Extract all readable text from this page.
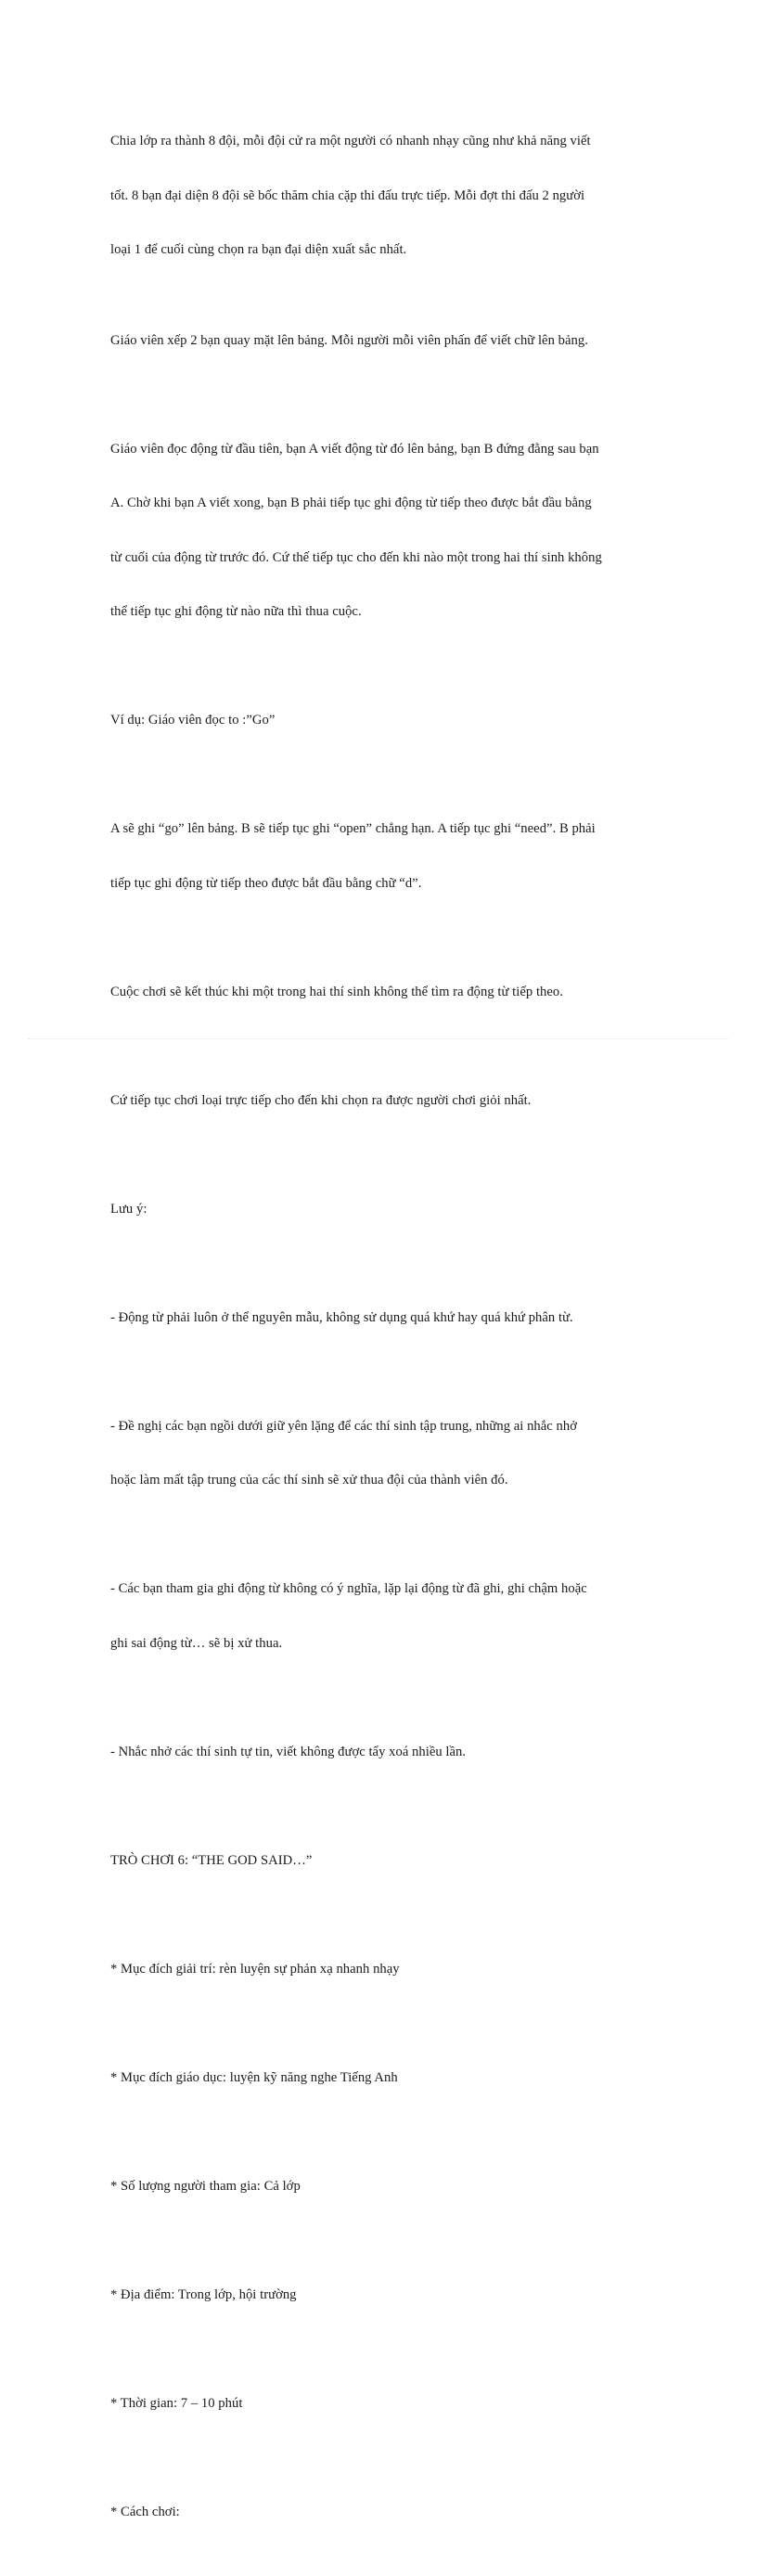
Chia lớp ra thành 8 đội, mỗi đội cử ra một người có nhanh nhạy cũng như khả năng viết

tốt. 8 bạn đại diện 8 đội sẽ bốc thăm chia cặp thi đấu trực tiếp. Mỗi đợt thi đấu 2 người

loại 1 để cuối cùng chọn ra bạn đại diện xuất sắc nhất.

Giáo viên xếp 2 bạn quay mặt lên bảng. Mỗi người mỗi viên phấn để viết chữ lên bảng.

Giáo viên đọc động từ đầu tiên, bạn A viết động từ đó lên bảng, bạn B đứng đằng sau bạn

A. Chờ khi bạn A viết xong, bạn B phải tiếp tục ghi động từ tiếp theo được bắt đầu bằng

từ cuối của động từ trước đó. Cứ thế tiếp tục cho đến khi nào một trong hai thí sinh không

thể tiếp tục ghi động từ nào nữa thì thua cuộc.

Ví dụ: Giáo viên đọc to :”Go”

A sẽ ghi “go” lên bảng. B sẽ tiếp tục ghi “open” chẳng hạn. A tiếp tục ghi “need”. B phải

tiếp tục ghi động từ tiếp theo được bắt đầu bằng chữ “d”.

Cuộc chơi sẽ kết thúc khi một trong hai thí sinh không thể tìm ra động từ tiếp theo.

Cứ tiếp tục chơi loại trực tiếp cho đến khi chọn ra được người chơi giỏi nhất.

Lưu ý:

- Động từ phải luôn ở thể nguyên mẫu, không sử dụng quá khứ hay quá khứ phân từ.

- Đề nghị các bạn ngồi dưới giữ yên lặng để các thí sinh tập trung, những ai nhắc nhở

hoặc làm mất tập trung của các thí sinh sẽ xử thua đội của thành viên đó.

- Các bạn tham gia ghi động từ không có ý nghĩa, lặp lại động từ đã ghi, ghi chậm hoặc

ghi sai động từ… sẽ bị xử thua.

- Nhắc nhở các thí sinh tự tin, viết không được tẩy xoá nhiều lần.

TRÒ CHƠI 6: “THE GOD SAID…”

* Mục đích giải trí: rèn luyện sự phản xạ nhanh nhạy

* Mục đích giáo dục: luyện kỹ năng nghe Tiếng Anh

* Số lượng người tham gia: Cả lớp

* Địa điểm: Trong lớp, hội trường

* Thời gian: 7 – 10 phút

* Cách chơi:
